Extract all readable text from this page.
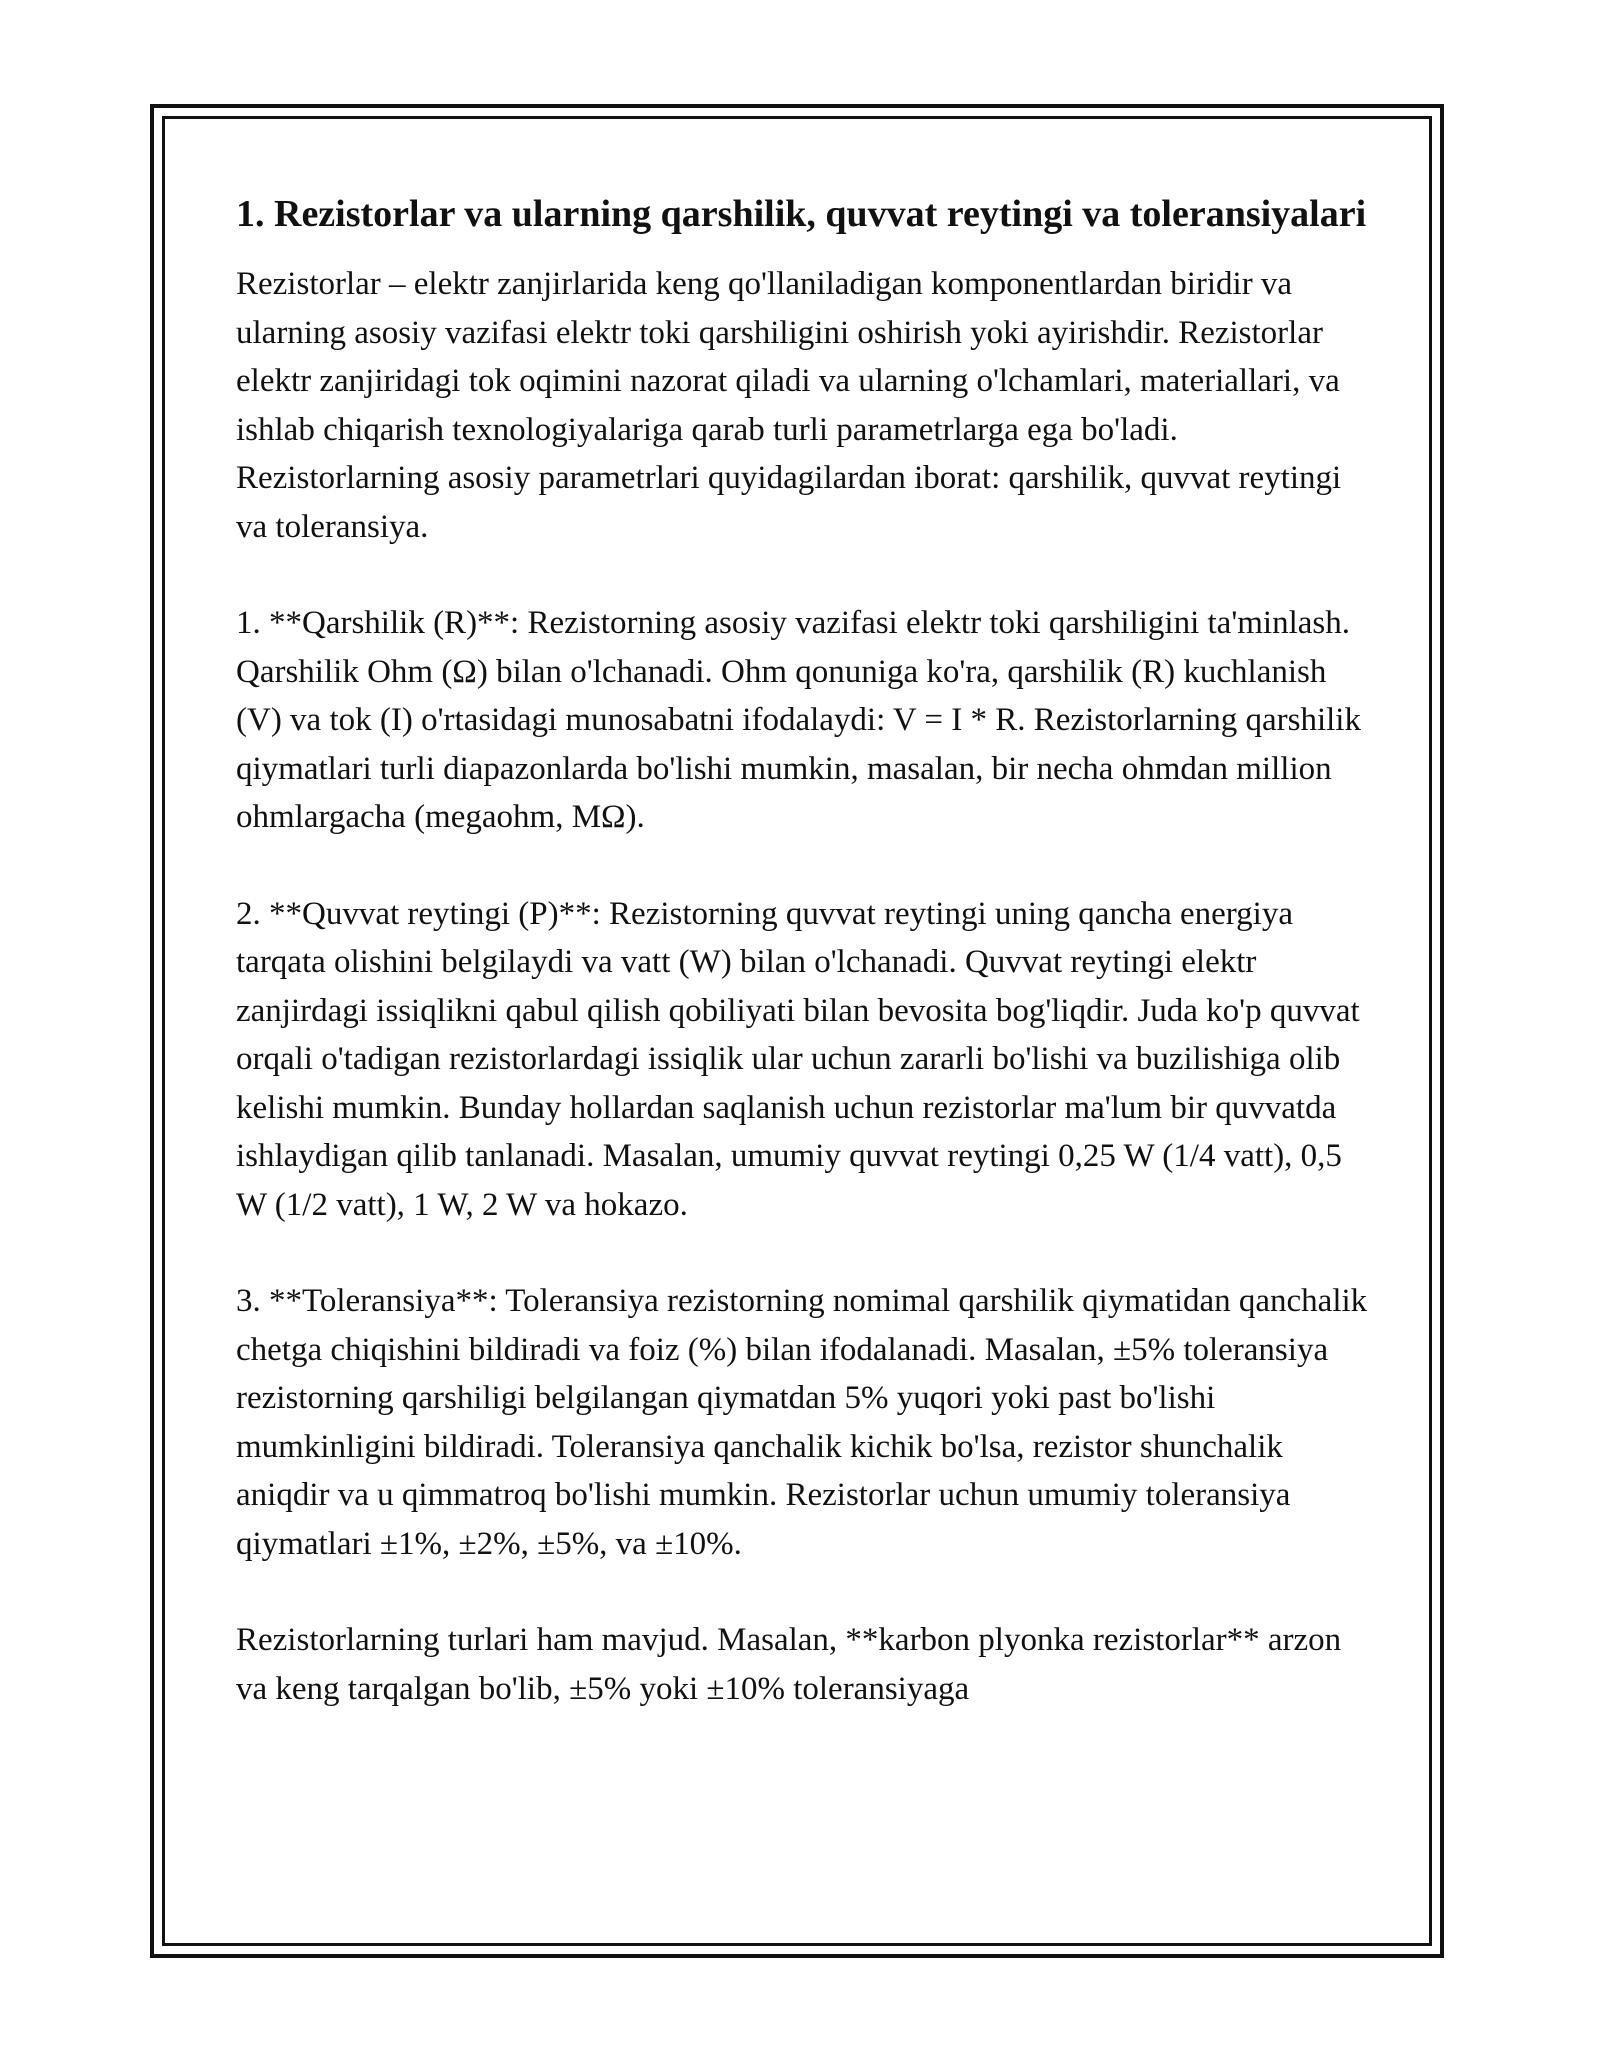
1. Rezistorlar va ularning qarshilik, quvvat reytingi va toleransiyalari

Rezistorlar – elektr zanjirlarida keng qo'llaniladigan komponentlardan biridir va ularning asosiy vazifasi elektr toki qarshiligini oshirish yoki ayirishdir. Rezistorlar elektr zanjiridagi tok oqimini nazorat qiladi va ularning o'lchamlari, materiallari, va ishlab chiqarish texnologiyalariga qarab turli parametrlarga ega bo'ladi. Rezistorlarning asosiy parametrlari quyidagilardan iborat: qarshilik, quvvat reytingi va toleransiya.

1. **Qarshilik (R)**: Rezistorning asosiy vazifasi elektr toki qarshiligini ta'minlash. Qarshilik Ohm (Ω) bilan o'lchanadi. Ohm qonuniga ko'ra, qarshilik (R) kuchlanish (V) va tok (I) o'rtasidagi munosabatni ifodalaydi: V = I * R. Rezistorlarning qarshilik qiymatlari turli diapazonlarda bo'lishi mumkin, masalan, bir necha ohmdan million ohmlargacha (megaohm, MΩ).

2. **Quvvat reytingi (P)**: Rezistorning quvvat reytingi uning qancha energiya tarqata olishini belgilaydi va vatt (W) bilan o'lchanadi. Quvvat reytingi elektr zanjirdagi issiqlikni qabul qilish qobiliyati bilan bevosita bog'liqdir. Juda ko'p quvvat orqali o'tadigan rezistorlardagi issiqlik ular uchun zararli bo'lishi va buzilishiga olib kelishi mumkin. Bunday hollardan saqlanish uchun rezistorlar ma'lum bir quvvatda ishlaydigan qilib tanlanadi. Masalan, umumiy quvvat reytingi 0,25 W (1/4 vatt), 0,5 W (1/2 vatt), 1 W, 2 W va hokazo.

3. **Toleransiya**: Toleransiya rezistorning nomimal qarshilik qiymatidan qanchalik chetga chiqishini bildiradi va foiz (%) bilan ifodalanadi. Masalan, ±5% toleransiya rezistorning qarshiligi belgilangan qiymatdan 5% yuqori yoki past bo'lishi mumkinligini bildiradi. Toleransiya qanchalik kichik bo'lsa, rezistor shunchalik aniqdir va u qimmatroq bo'lishi mumkin. Rezistorlar uchun umumiy toleransiya qiymatlari ±1%, ±2%, ±5%, va ±10%.

Rezistorlarning turlari ham mavjud. Masalan, **karbon plyonka rezistorlar** arzon va keng tarqalgan bo'lib, ±5% yoki ±10% toleransiyaga
